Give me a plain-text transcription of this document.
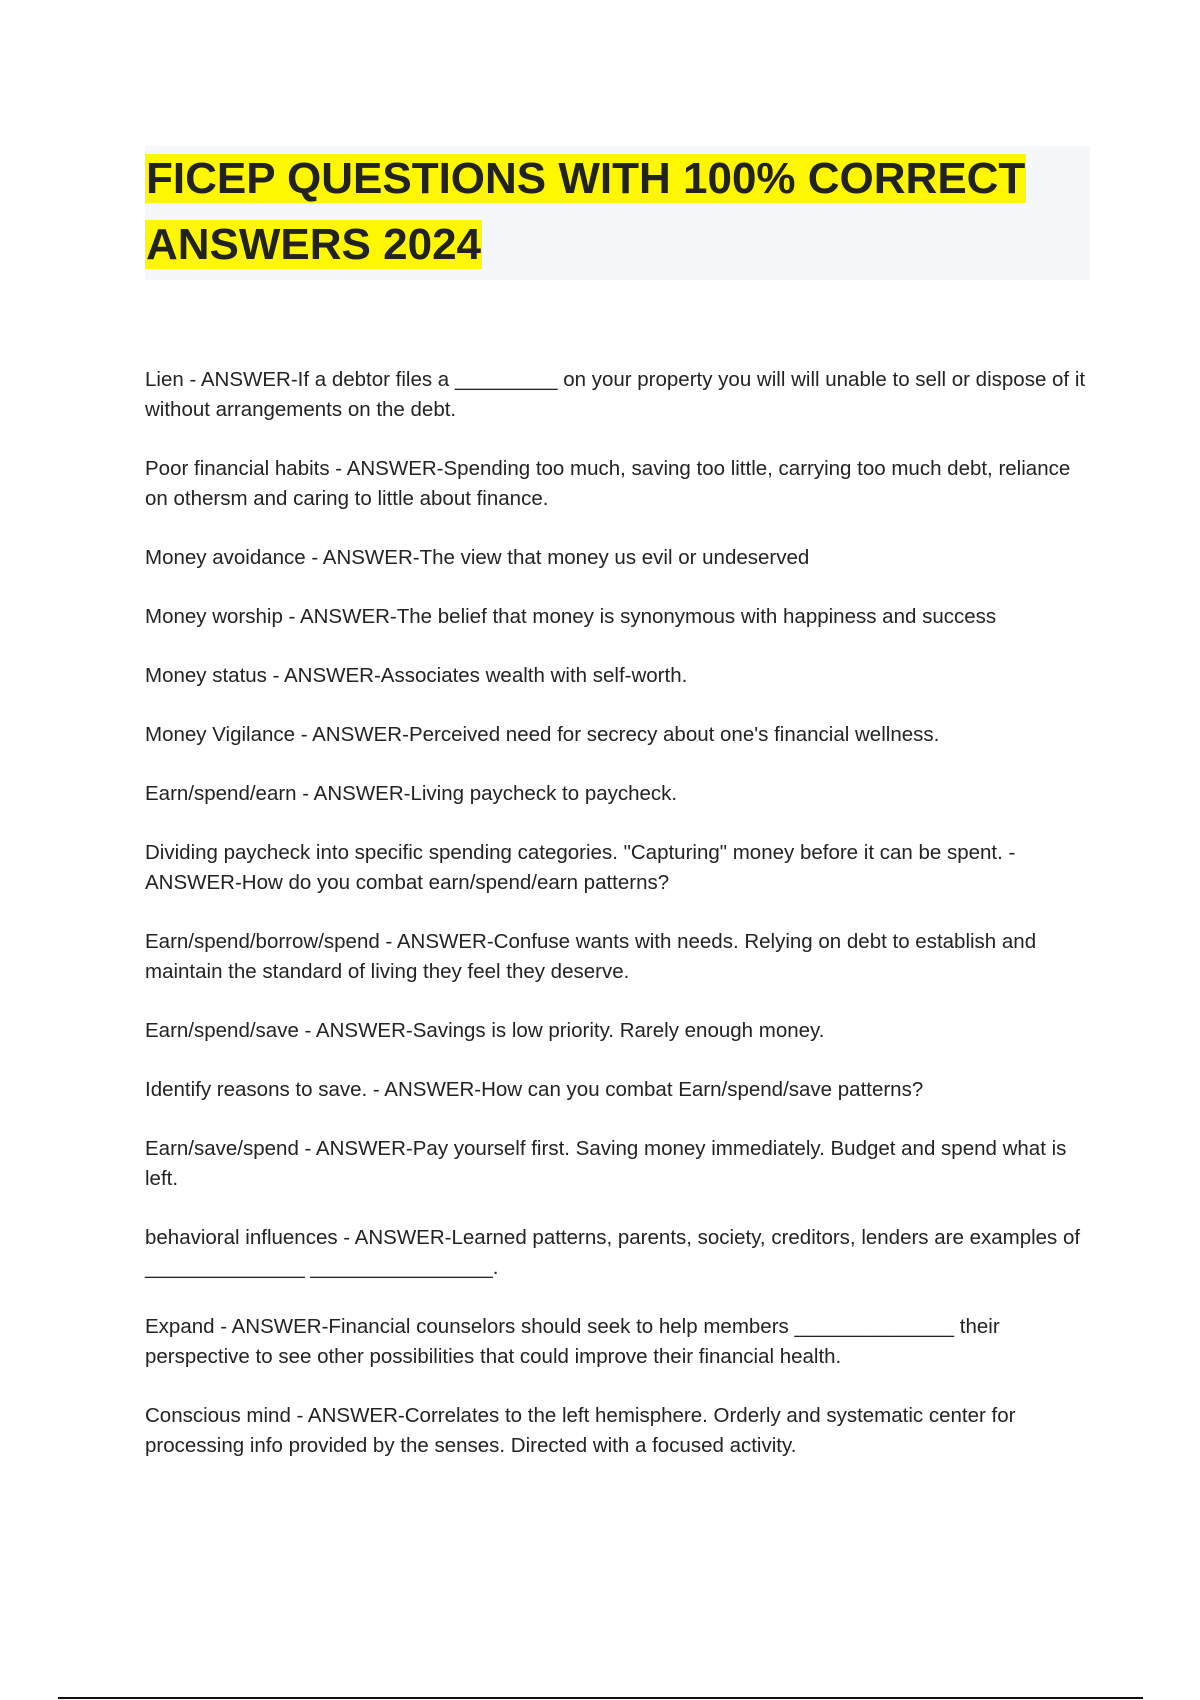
FICEP QUESTIONS WITH 100% CORRECT
ANSWERS 2024

Lien - ANSWER-If a debtor files a _________ on your property you will will unable to sell or dispose of it without arrangements on the debt.

Poor financial habits - ANSWER-Spending too much, saving too little, carrying too much debt, reliance on othersm and caring to little about finance.

Money avoidance - ANSWER-The view that money us evil or undeserved

Money worship - ANSWER-The belief that money is synonymous with happiness and success

Money status - ANSWER-Associates wealth with self-worth.

Money Vigilance - ANSWER-Perceived need for secrecy about one's financial wellness.

Earn/spend/earn - ANSWER-Living paycheck to paycheck.

Dividing paycheck into specific spending categories. "Capturing" money before it can be spent. - ANSWER-How do you combat earn/spend/earn patterns?

Earn/spend/borrow/spend - ANSWER-Confuse wants with needs. Relying on debt to establish and maintain the standard of living they feel they deserve.

Earn/spend/save - ANSWER-Savings is low priority. Rarely enough money.

Identify reasons to save. - ANSWER-How can you combat Earn/spend/save patterns?

Earn/save/spend - ANSWER-Pay yourself first. Saving money immediately. Budget and spend what is left.

behavioral influences - ANSWER-Learned patterns, parents, society, creditors, lenders are examples of ______________ ________________.

Expand - ANSWER-Financial counselors should seek to help members ______________ their perspective to see other possibilities that could improve their financial health.

Conscious mind - ANSWER-Correlates to the left hemisphere. Orderly and systematic center for processing info provided by the senses. Directed with a focused activity.
